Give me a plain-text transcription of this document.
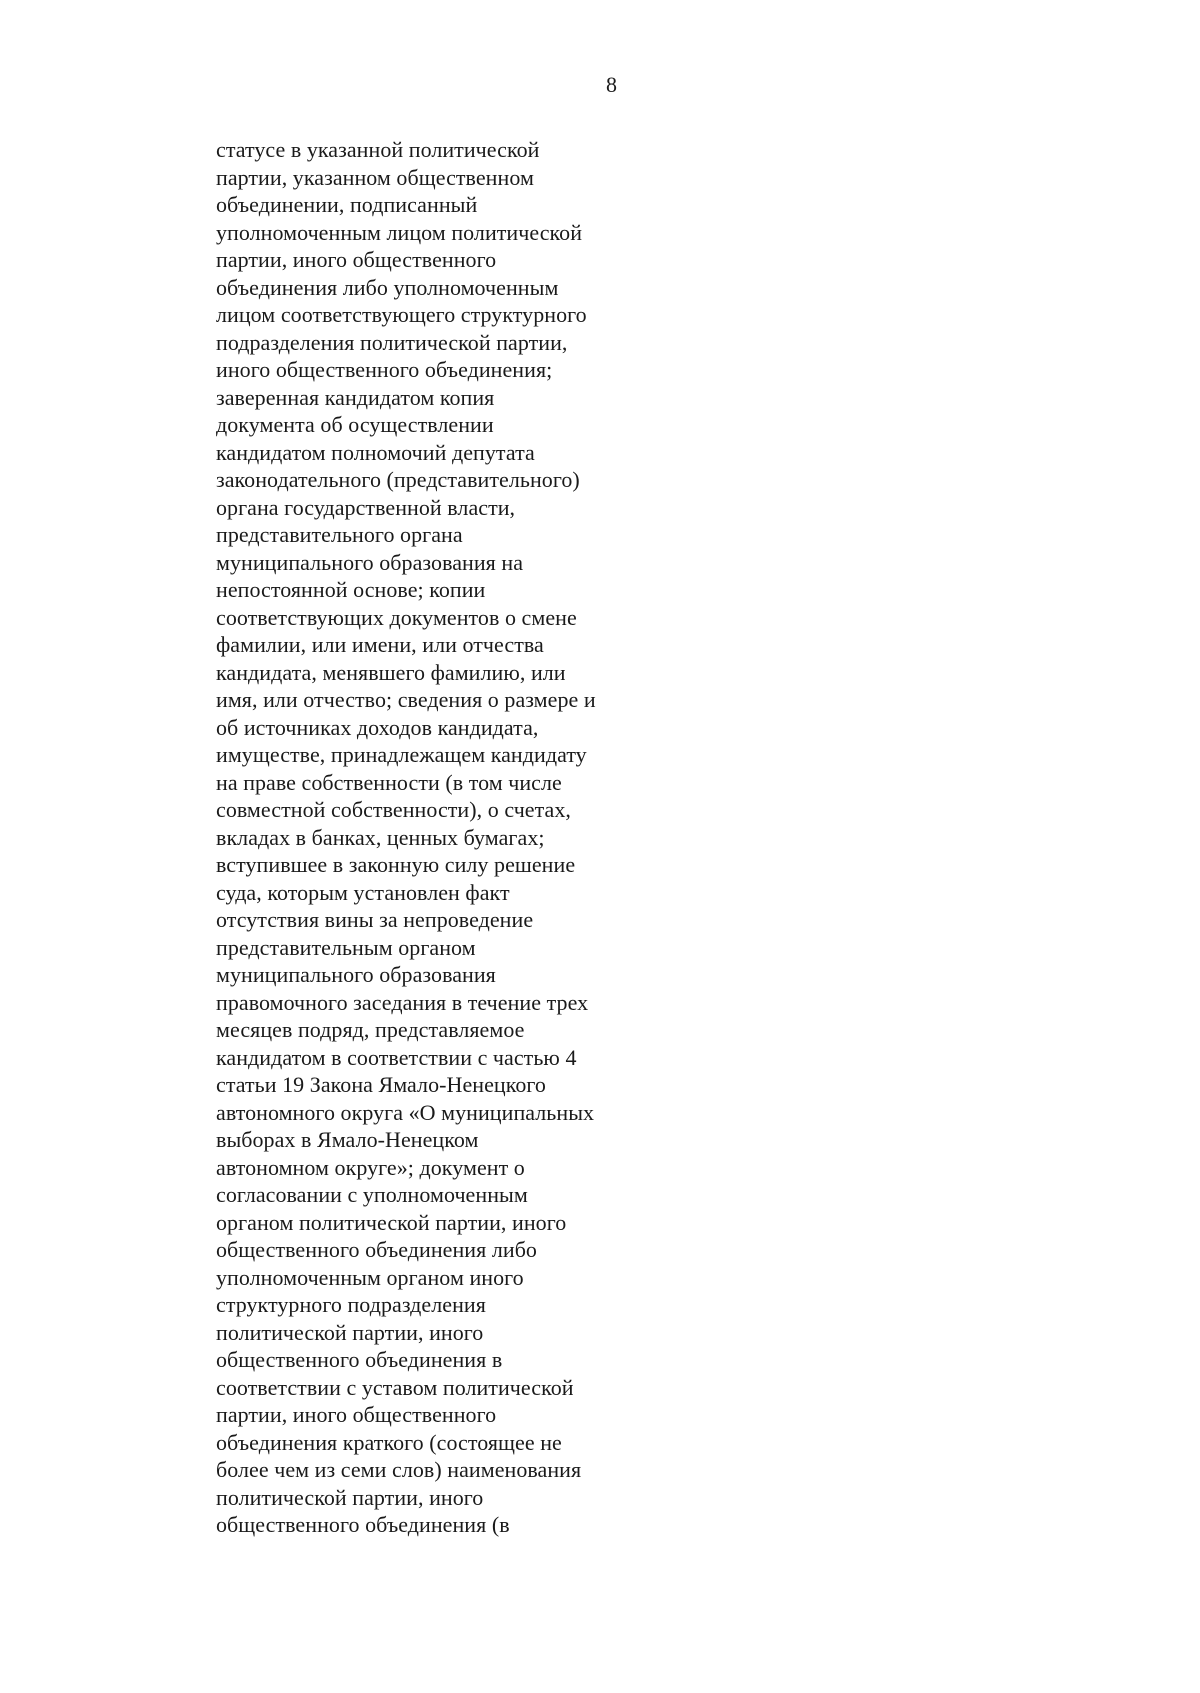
8
статусе в указанной политической
партии, указанном общественном
объединении, подписанный
уполномоченным лицом политической
партии, иного общественного
объединения либо уполномоченным
лицом соответствующего структурного
подразделения политической партии,
иного общественного объединения;
заверенная кандидатом копия
документа об осуществлении
кандидатом полномочий депутата
законодательного (представительного)
органа государственной власти,
представительного органа
муниципального образования на
непостоянной основе; копии
соответствующих документов о смене
фамилии, или имени, или отчества
кандидата, менявшего фамилию, или
имя, или отчество; сведения о размере и
об источниках доходов кандидата,
имуществе, принадлежащем кандидату
на праве собственности (в том числе
совместной собственности), о счетах,
вкладах в банках, ценных бумагах;
вступившее в законную силу решение
суда, которым установлен факт
отсутствия вины за непроведение
представительным органом
муниципального образования
правомочного заседания в течение трех
месяцев подряд, представляемое
кандидатом в соответствии с частью 4
статьи 19 Закона Ямало-Ненецкого
автономного округа «О муниципальных
выборах в Ямало-Ненецком
автономном округе»; документ о
согласовании с уполномоченным
органом политической партии, иного
общественного объединения либо
уполномоченным органом иного
структурного подразделения
политической партии, иного
общественного объединения в
соответствии с уставом политической
партии, иного общественного
объединения краткого (состоящее не
более чем из семи слов) наименования
политической партии, иного
общественного объединения (в
